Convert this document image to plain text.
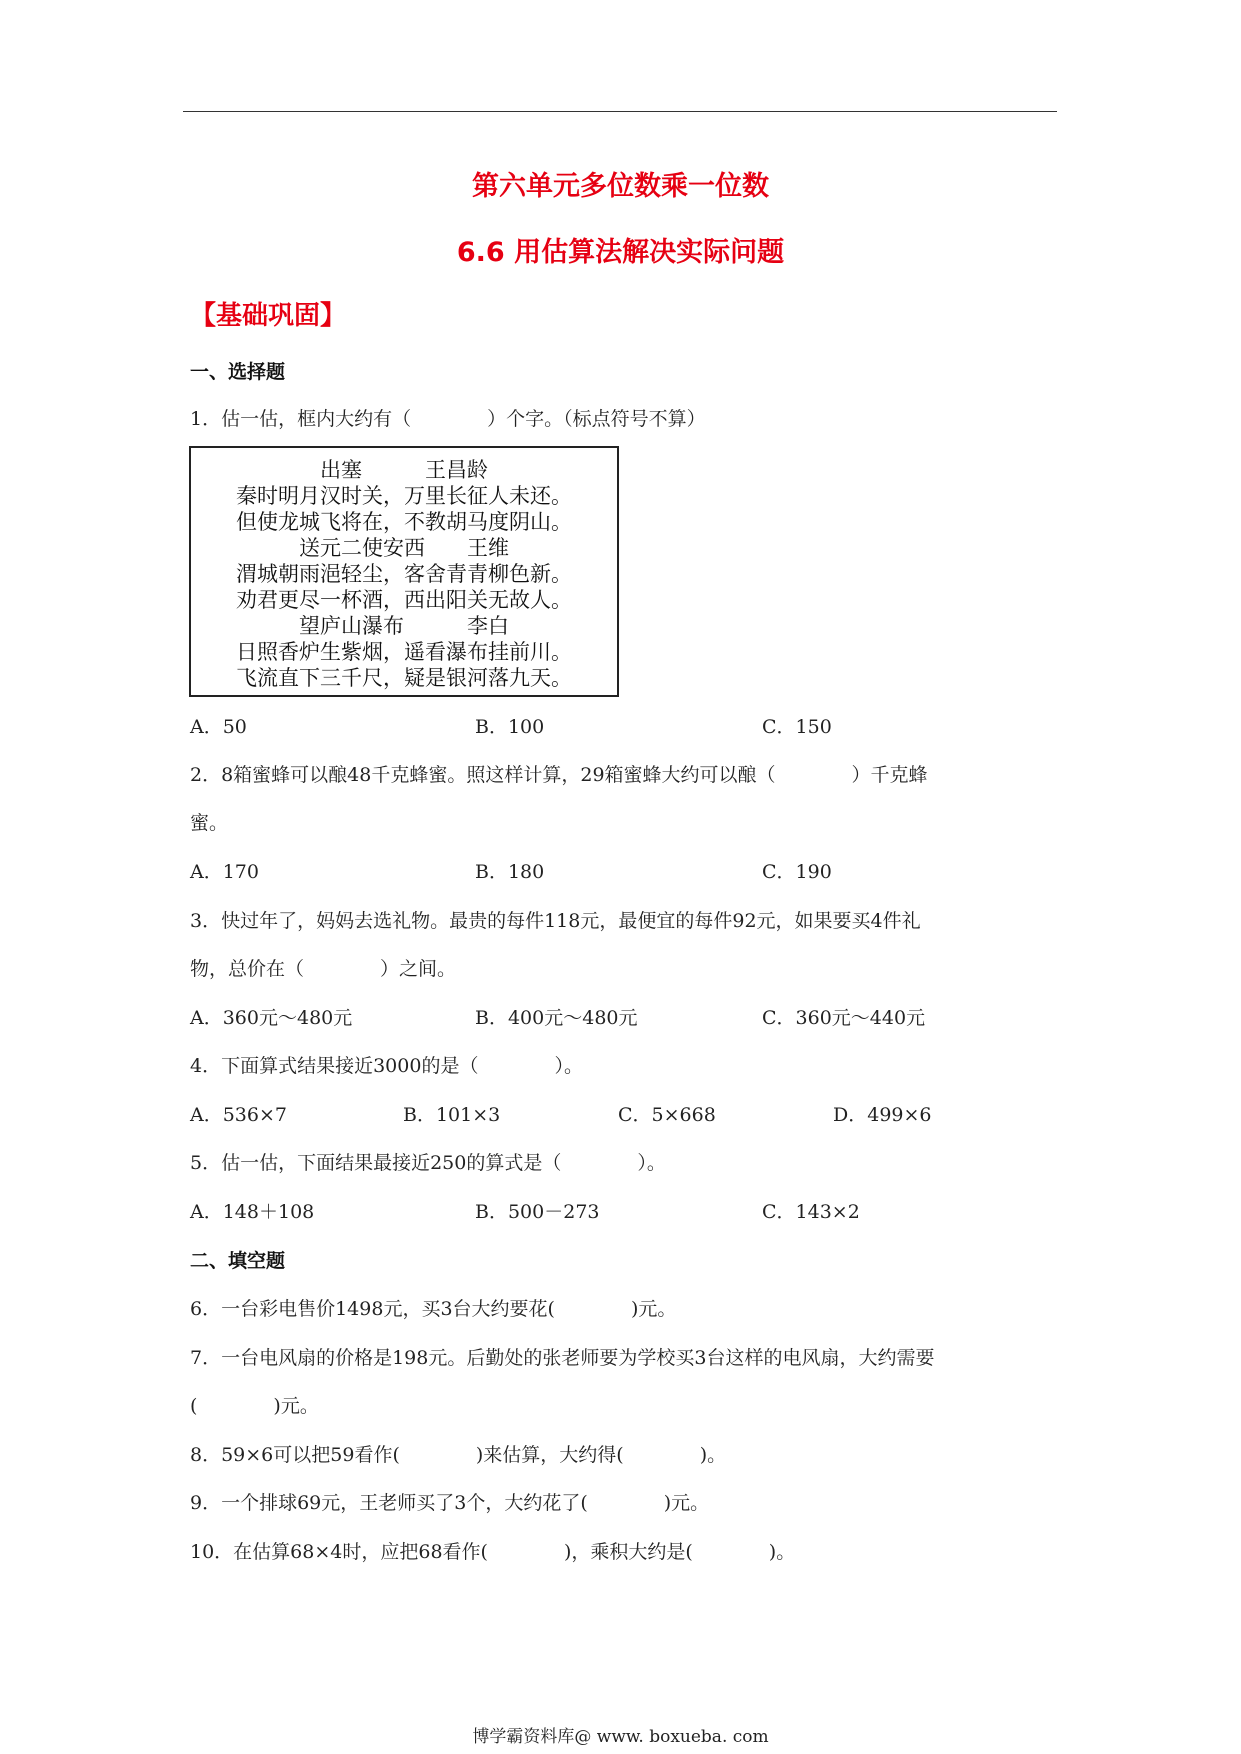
第六单元多位数乘一位数
6.6 用估算法解决实际问题
【基础巩固】
一、选择题
1．估一估，框内大约有（　　　　）个字。（标点符号不算）
出塞　　　王昌龄
秦时明月汉时关，万里长征人未还。
但使龙城飞将在，不教胡马度阴山。
送元二使安西　　王维
渭城朝雨浥轻尘，客舍青青柳色新。
劝君更尽一杯酒，西出阳关无故人。
望庐山瀑布　　　李白
日照香炉生紫烟，遥看瀑布挂前川。
飞流直下三千尺，疑是银河落九天。
A．50	B．100	C．150
2．8箱蜜蜂可以酿48千克蜂蜜。照这样计算，29箱蜜蜂大约可以酿（　　　　）千克蜂
蜜。
A．170	B．180	C．190
3．快过年了，妈妈去选礼物。最贵的每件118元，最便宜的每件92元，如果要买4件礼
物，总价在（　　　　）之间。
A．360元～480元	B．400元～480元	C．360元～440元
4．下面算式结果接近3000的是（　　　　）。
A．536×7	B．101×3	C．5×668	D．499×6
5．估一估，下面结果最接近250的算式是（　　　　）。
A．148＋108	B．500－273	C．143×2
二、填空题
6．一台彩电售价1498元，买3台大约要花(　　　　)元。
7．一台电风扇的价格是198元。后勤处的张老师要为学校买3台这样的电风扇，大约需要
(　　　　)元。
8．59×6可以把59看作(　　　　)来估算，大约得(　　　　)。
9．一个排球69元，王老师买了3个，大约花了(　　　　)元。
10．在估算68×4时，应把68看作(　　　　)，乘积大约是(　　　　)。
博学霸资料库@ www. boxueba. com
